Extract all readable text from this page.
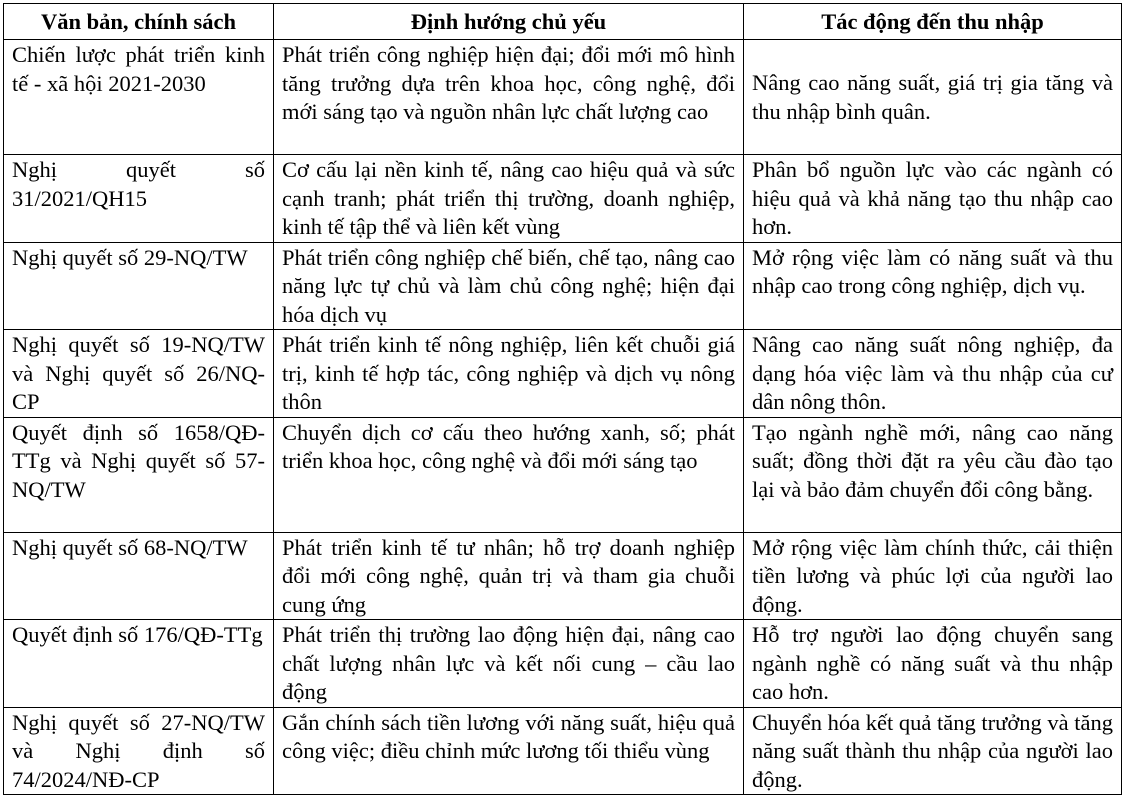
Văn bản, chính sách	Định hướng chủ yếu	Tác động đến thu nhập
Chiến lược phát triển kinh tế - xã hội 2021-2030	Phát triển công nghiệp hiện đại; đổi mới mô hình tăng trưởng dựa trên khoa học, công nghệ, đổi mới sáng tạo và nguồn nhân lực chất lượng cao	Nâng cao năng suất, giá trị gia tăng và thu nhập bình quân.
Nghị quyết số 31/2021/QH15	Cơ cấu lại nền kinh tế, nâng cao hiệu quả và sức cạnh tranh; phát triển thị trường, doanh nghiệp, kinh tế tập thể và liên kết vùng	Phân bổ nguồn lực vào các ngành có hiệu quả và khả năng tạo thu nhập cao hơn.
Nghị quyết số 29-NQ/TW	Phát triển công nghiệp chế biến, chế tạo, nâng cao năng lực tự chủ và làm chủ công nghệ; hiện đại hóa dịch vụ	Mở rộng việc làm có năng suất và thu nhập cao trong công nghiệp, dịch vụ.
Nghị quyết số 19-NQ/TW và Nghị quyết số 26/NQ-CP	Phát triển kinh tế nông nghiệp, liên kết chuỗi giá trị, kinh tế hợp tác, công nghiệp và dịch vụ nông thôn	Nâng cao năng suất nông nghiệp, đa dạng hóa việc làm và thu nhập của cư dân nông thôn.
Quyết định số 1658/QĐ-TTg và Nghị quyết số 57-NQ/TW	Chuyển dịch cơ cấu theo hướng xanh, số; phát triển khoa học, công nghệ và đổi mới sáng tạo	Tạo ngành nghề mới, nâng cao năng suất; đồng thời đặt ra yêu cầu đào tạo lại và bảo đảm chuyển đổi công bằng.
Nghị quyết số 68-NQ/TW	Phát triển kinh tế tư nhân; hỗ trợ doanh nghiệp đổi mới công nghệ, quản trị và tham gia chuỗi cung ứng	Mở rộng việc làm chính thức, cải thiện tiền lương và phúc lợi của người lao động.
Quyết định số 176/QĐ-TTg	Phát triển thị trường lao động hiện đại, nâng cao chất lượng nhân lực và kết nối cung – cầu lao động	Hỗ trợ người lao động chuyển sang ngành nghề có năng suất và thu nhập cao hơn.
Nghị quyết số 27-NQ/TW và Nghị định số 74/2024/NĐ-CP	Gắn chính sách tiền lương với năng suất, hiệu quả công việc; điều chỉnh mức lương tối thiểu vùng	Chuyển hóa kết quả tăng trưởng và tăng năng suất thành thu nhập của người lao động.
